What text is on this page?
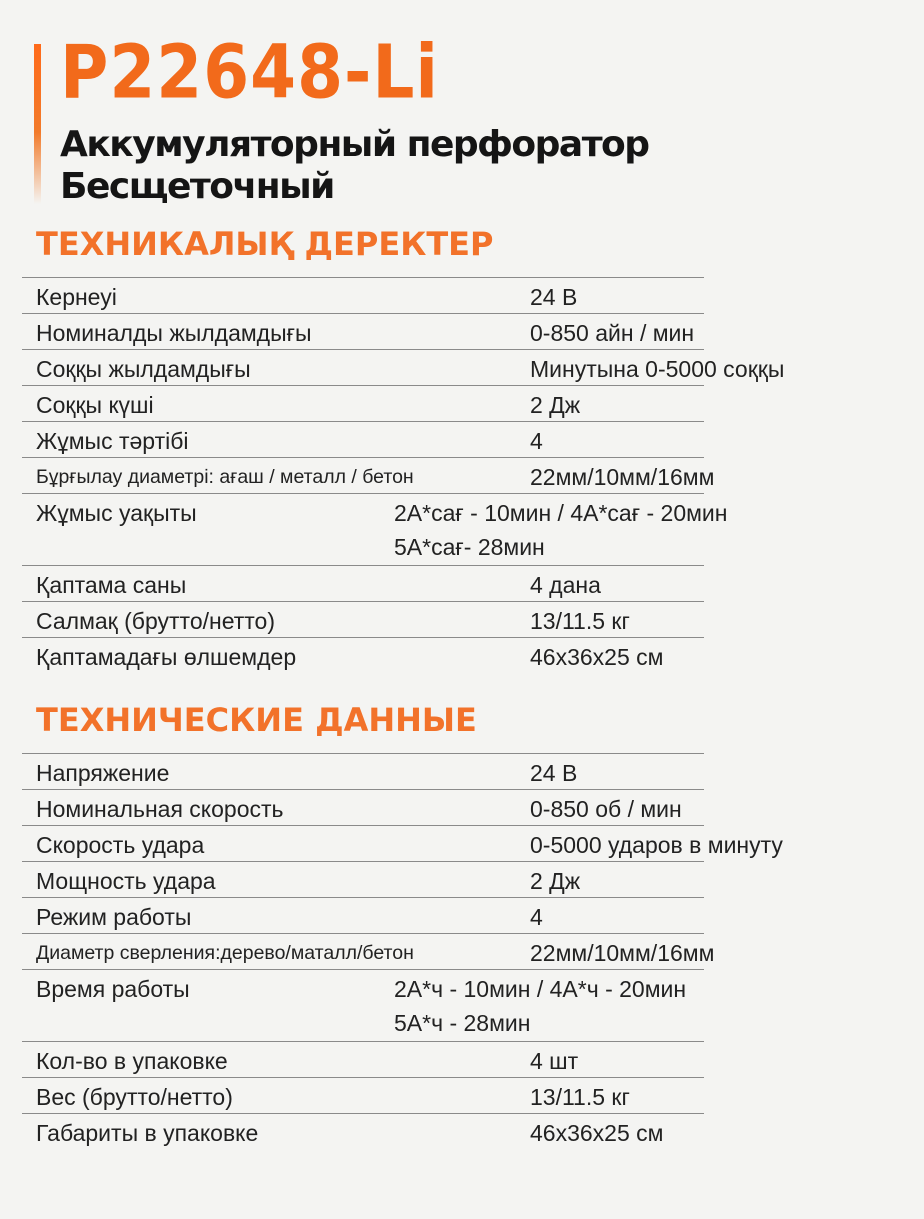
P22648-Li
Аккумуляторный перфоратор
Бесщеточный
ТЕХНИКАЛЫҚ ДЕРЕКТЕР
Кернеуі	24 В
Номиналды жылдамдығы	0-850 айн / мин
Соққы жылдамдығы	Минутына 0-5000 соққы
Соққы күші	2 Дж
Жұмыс тәртібі	4
Бұрғылау диаметрі: ағаш / металл / бетон	22мм/10мм/16мм
Жұмыс уақыты	2А*сағ - 10мин / 4А*сағ - 20мин
5А*сағ- 28мин
Қаптама саны	4 дана
Салмақ (брутто/нетто)	13/11.5 кг
Қаптамадағы өлшемдер	46x36x25 см
ТЕХНИЧЕСКИЕ ДАННЫЕ
Напряжение	24 В
Номинальная скорость	0-850 об / мин
Скорость удара	0-5000 ударов в минуту
Мощность удара	2 Дж
Режим работы	4
Диаметр сверления:дерево/маталл/бетон	22мм/10мм/16мм
Время работы	2А*ч - 10мин / 4А*ч - 20мин
5А*ч - 28мин
Кол-во в упаковке	4 шт
Вес (брутто/нетто)	13/11.5 кг
Габариты в упаковке	46x36x25 см
